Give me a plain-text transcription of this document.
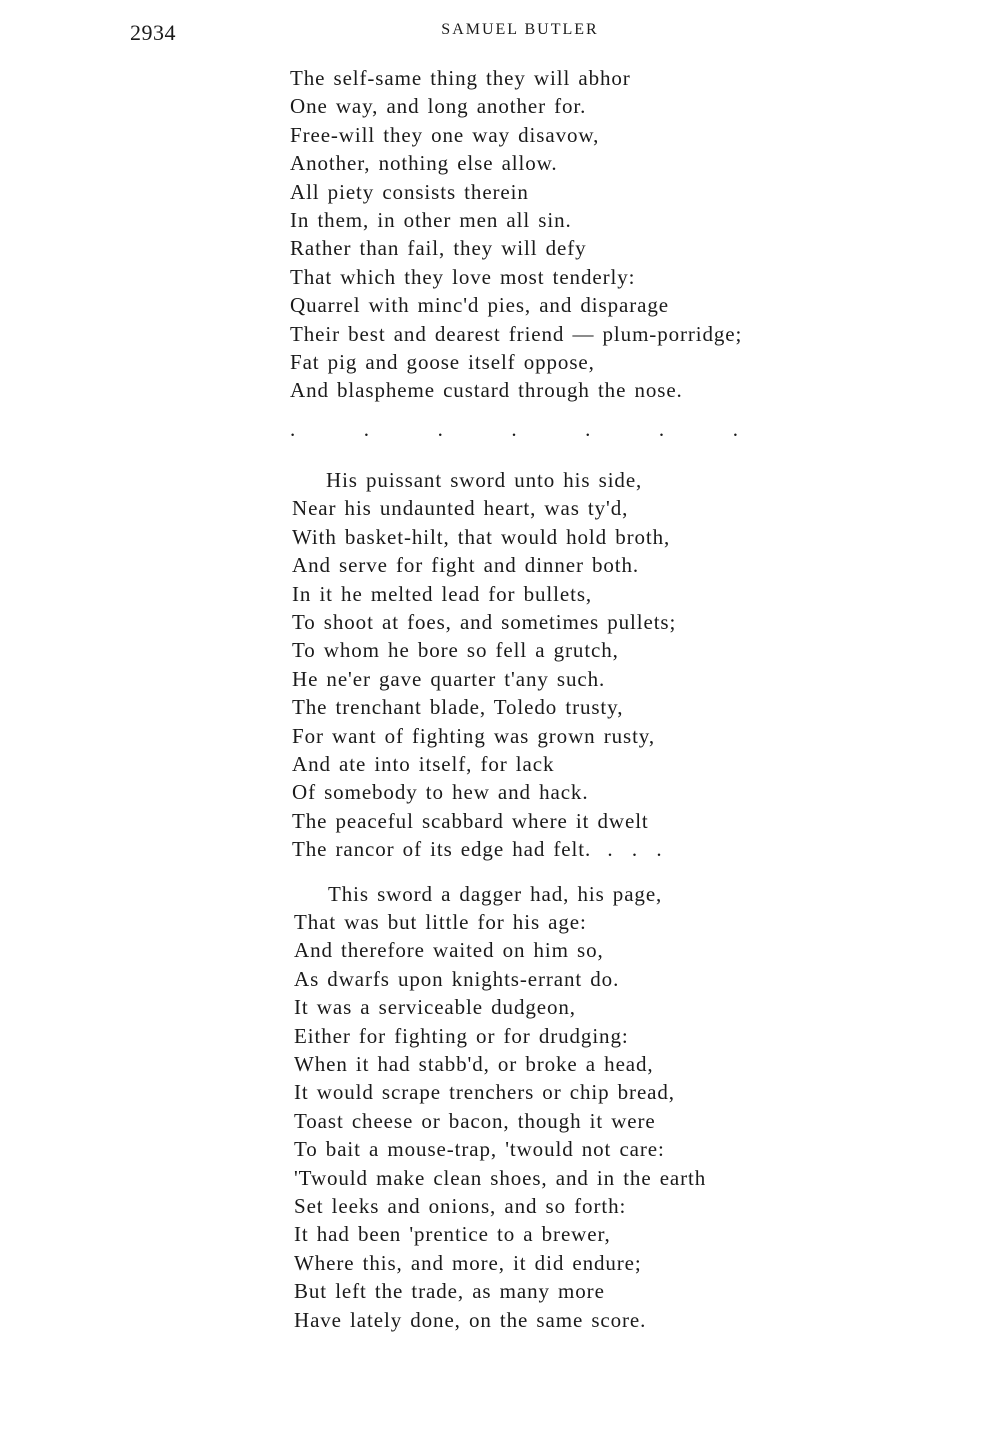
2934	SAMUEL BUTLER
The self-same thing they will abhor
One way, and long another for.
Free-will they one way disavow,
Another, nothing else allow.
All piety consists therein
In them, in other men all sin.
Rather than fail, they will defy
That which they love most tenderly:
Quarrel with minc'd pies, and disparage
Their best and dearest friend — plum-porridge;
Fat pig and goose itself oppose,
And blaspheme custard through the nose.
.	.	.	.	.	.	.
His puissant sword unto his side,
Near his undaunted heart, was ty'd,
With basket-hilt, that would hold broth,
And serve for fight and dinner both.
In it he melted lead for bullets,
To shoot at foes, and sometimes pullets;
To whom he bore so fell a grutch,
He ne'er gave quarter t'any such.
The trenchant blade, Toledo trusty,
For want of fighting was grown rusty,
And ate into itself, for lack
Of somebody to hew and hack.
The peaceful scabbard where it dwelt
The rancor of its edge had felt. . . .
This sword a dagger had, his page,
That was but little for his age:
And therefore waited on him so,
As dwarfs upon knights-errant do.
It was a serviceable dudgeon,
Either for fighting or for drudging:
When it had stabb'd, or broke a head,
It would scrape trenchers or chip bread,
Toast cheese or bacon, though it were
To bait a mouse-trap, 'twould not care:
'Twould make clean shoes, and in the earth
Set leeks and onions, and so forth:
It had been 'prentice to a brewer,
Where this, and more, it did endure;
But left the trade, as many more
Have lately done, on the same score.
